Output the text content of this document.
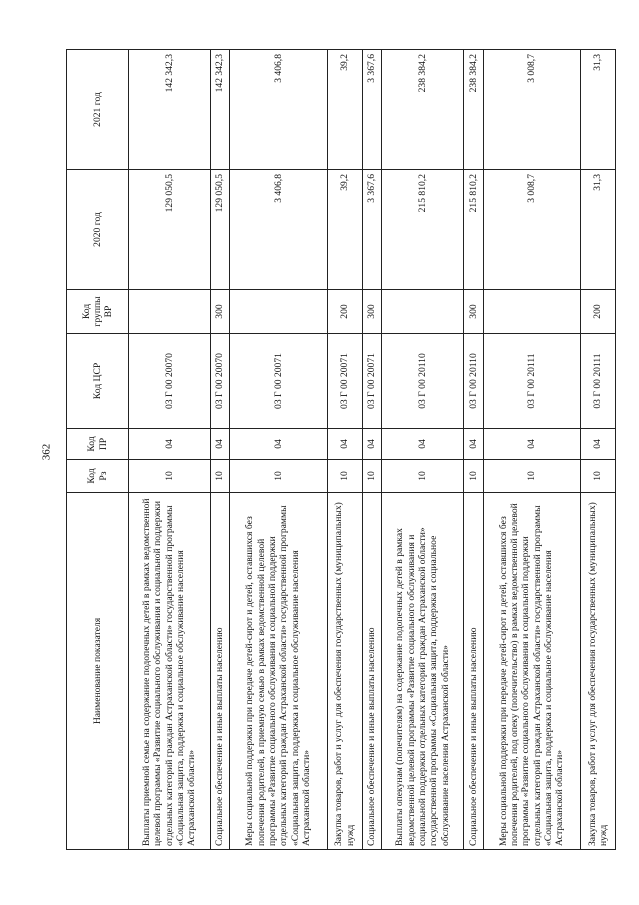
362
Наименование показателя	Код Рз	Код ПР	Код ЦСР	Код группы ВР	2020 год	2021 год
Выплаты приемной семье на содержание подопечных детей в рамках ведомственной целевой программы «Развитие социального обслуживания и социальной поддержки отдельных категорий граждан Астраханской области» государственной программы «Социальная защита, поддержка и социальное обслуживание населения Астраханской области»	10	04	03 Г 00 20070		129 050,5	142 342,3
Социальное обеспечение и иные выплаты населению	10	04	03 Г 00 20070	300	129 050,5	142 342,3
Меры социальной поддержки при передаче детей-сирот и детей, оставшихся без попечения родителей, в приемную семью в рамках ведомственной целевой программы «Развитие социального обслуживания и социальной поддержки отдельных категорий граждан Астраханской области» государственной программы «Социальная защита, поддержка и социальное обслуживание населения Астраханской области»	10	04	03 Г 00 20071		3 406,8	3 406,8
Закупка товаров, работ и услуг для обеспечения государственных (муниципальных) нужд	10	04	03 Г 00 20071	200	39,2	39,2
Социальное обеспечение и иные выплаты населению	10	04	03 Г 00 20071	300	3 367,6	3 367,6
Выплаты опекунам (попечителям) на содержание подопечных детей в рамках ведомственной целевой программы «Развитие социального обслуживания и социальной поддержки отдельных категорий граждан Астраханской области» государственной программы «Социальная защита, поддержка и социальное обслуживание населения Астраханской области»	10	04	03 Г 00 20110		215 810,2	238 384,2
Социальное обеспечение и иные выплаты населению	10	04	03 Г 00 20110	300	215 810,2	238 384,2
Меры социальной поддержки при передаче детей-сирот и детей, оставшихся без попечения родителей, под опеку (попечительство) в рамках ведомственной целевой программы «Развитие социального обслуживания и социальной поддержки отдельных категорий граждан Астраханской области» государственной программы «Социальная защита, поддержка и социальное обслуживание населения Астраханской области»	10	04	03 Г 00 20111		3 008,7	3 008,7
Закупка товаров, работ и услуг для обеспечения государственных (муниципальных) нужд	10	04	03 Г 00 20111	200	31,3	31,3
